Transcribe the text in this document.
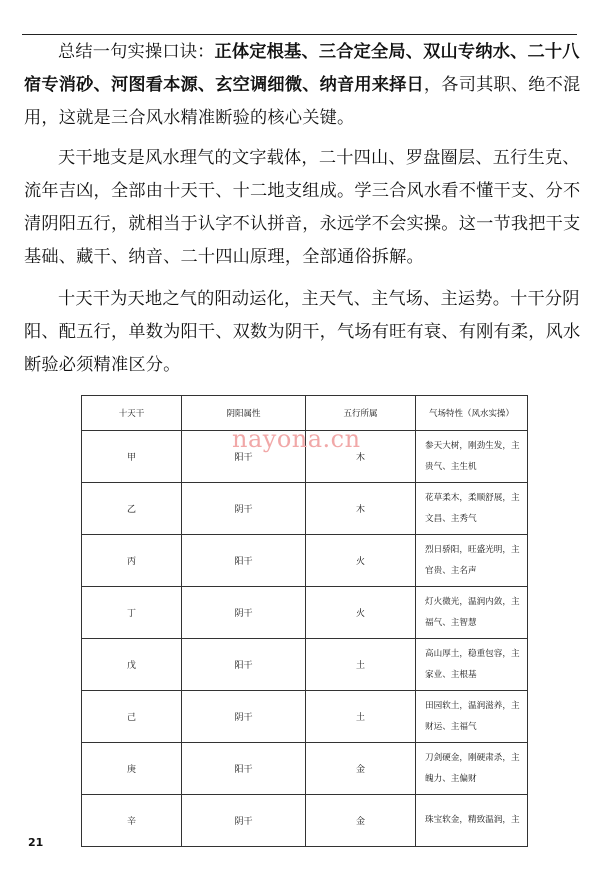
总结一句实操口诀：正体定根基、三合定全局、双山专纳水、二十八宿专消砂、河图看本源、玄空调细微、纳音用来择日，各司其职、绝不混用，这就是三合风水精准断验的核心关键。

天干地支是风水理气的文字载体，二十四山、罗盘圈层、五行生克、流年吉凶，全部由十天干、十二地支组成。学三合风水看不懂干支、分不清阴阳五行，就相当于认字不认拼音，永远学不会实操。这一节我把干支基础、藏干、纳音、二十四山原理，全部通俗拆解。

十天干为天地之气的阳动运化，主天气、主气场、主运势。十干分阴阳、配五行，单数为阳干、双数为阴干，气场有旺有衰、有刚有柔，风水断验必须精准区分。

十天干	阴阳属性	五行所属	气场特性（风水实操）
甲	阳干	木	参天大树，刚劲生发，主贵气、主生机
乙	阴干	木	花草柔木，柔顺舒展，主文昌、主秀气
丙	阳干	火	烈日骄阳，旺盛光明，主官贵、主名声
丁	阴干	火	灯火微光，温润内敛，主福气、主智慧
戊	阳干	土	高山厚土，稳重包容，主家业、主根基
己	阴干	土	田园软土，温润滋养，主财运、主福气
庚	阳干	金	刀剑硬金，刚硬肃杀，主魄力、主偏财
辛	阴干	金	珠宝软金，精致温润，主
nayona.cn
21
